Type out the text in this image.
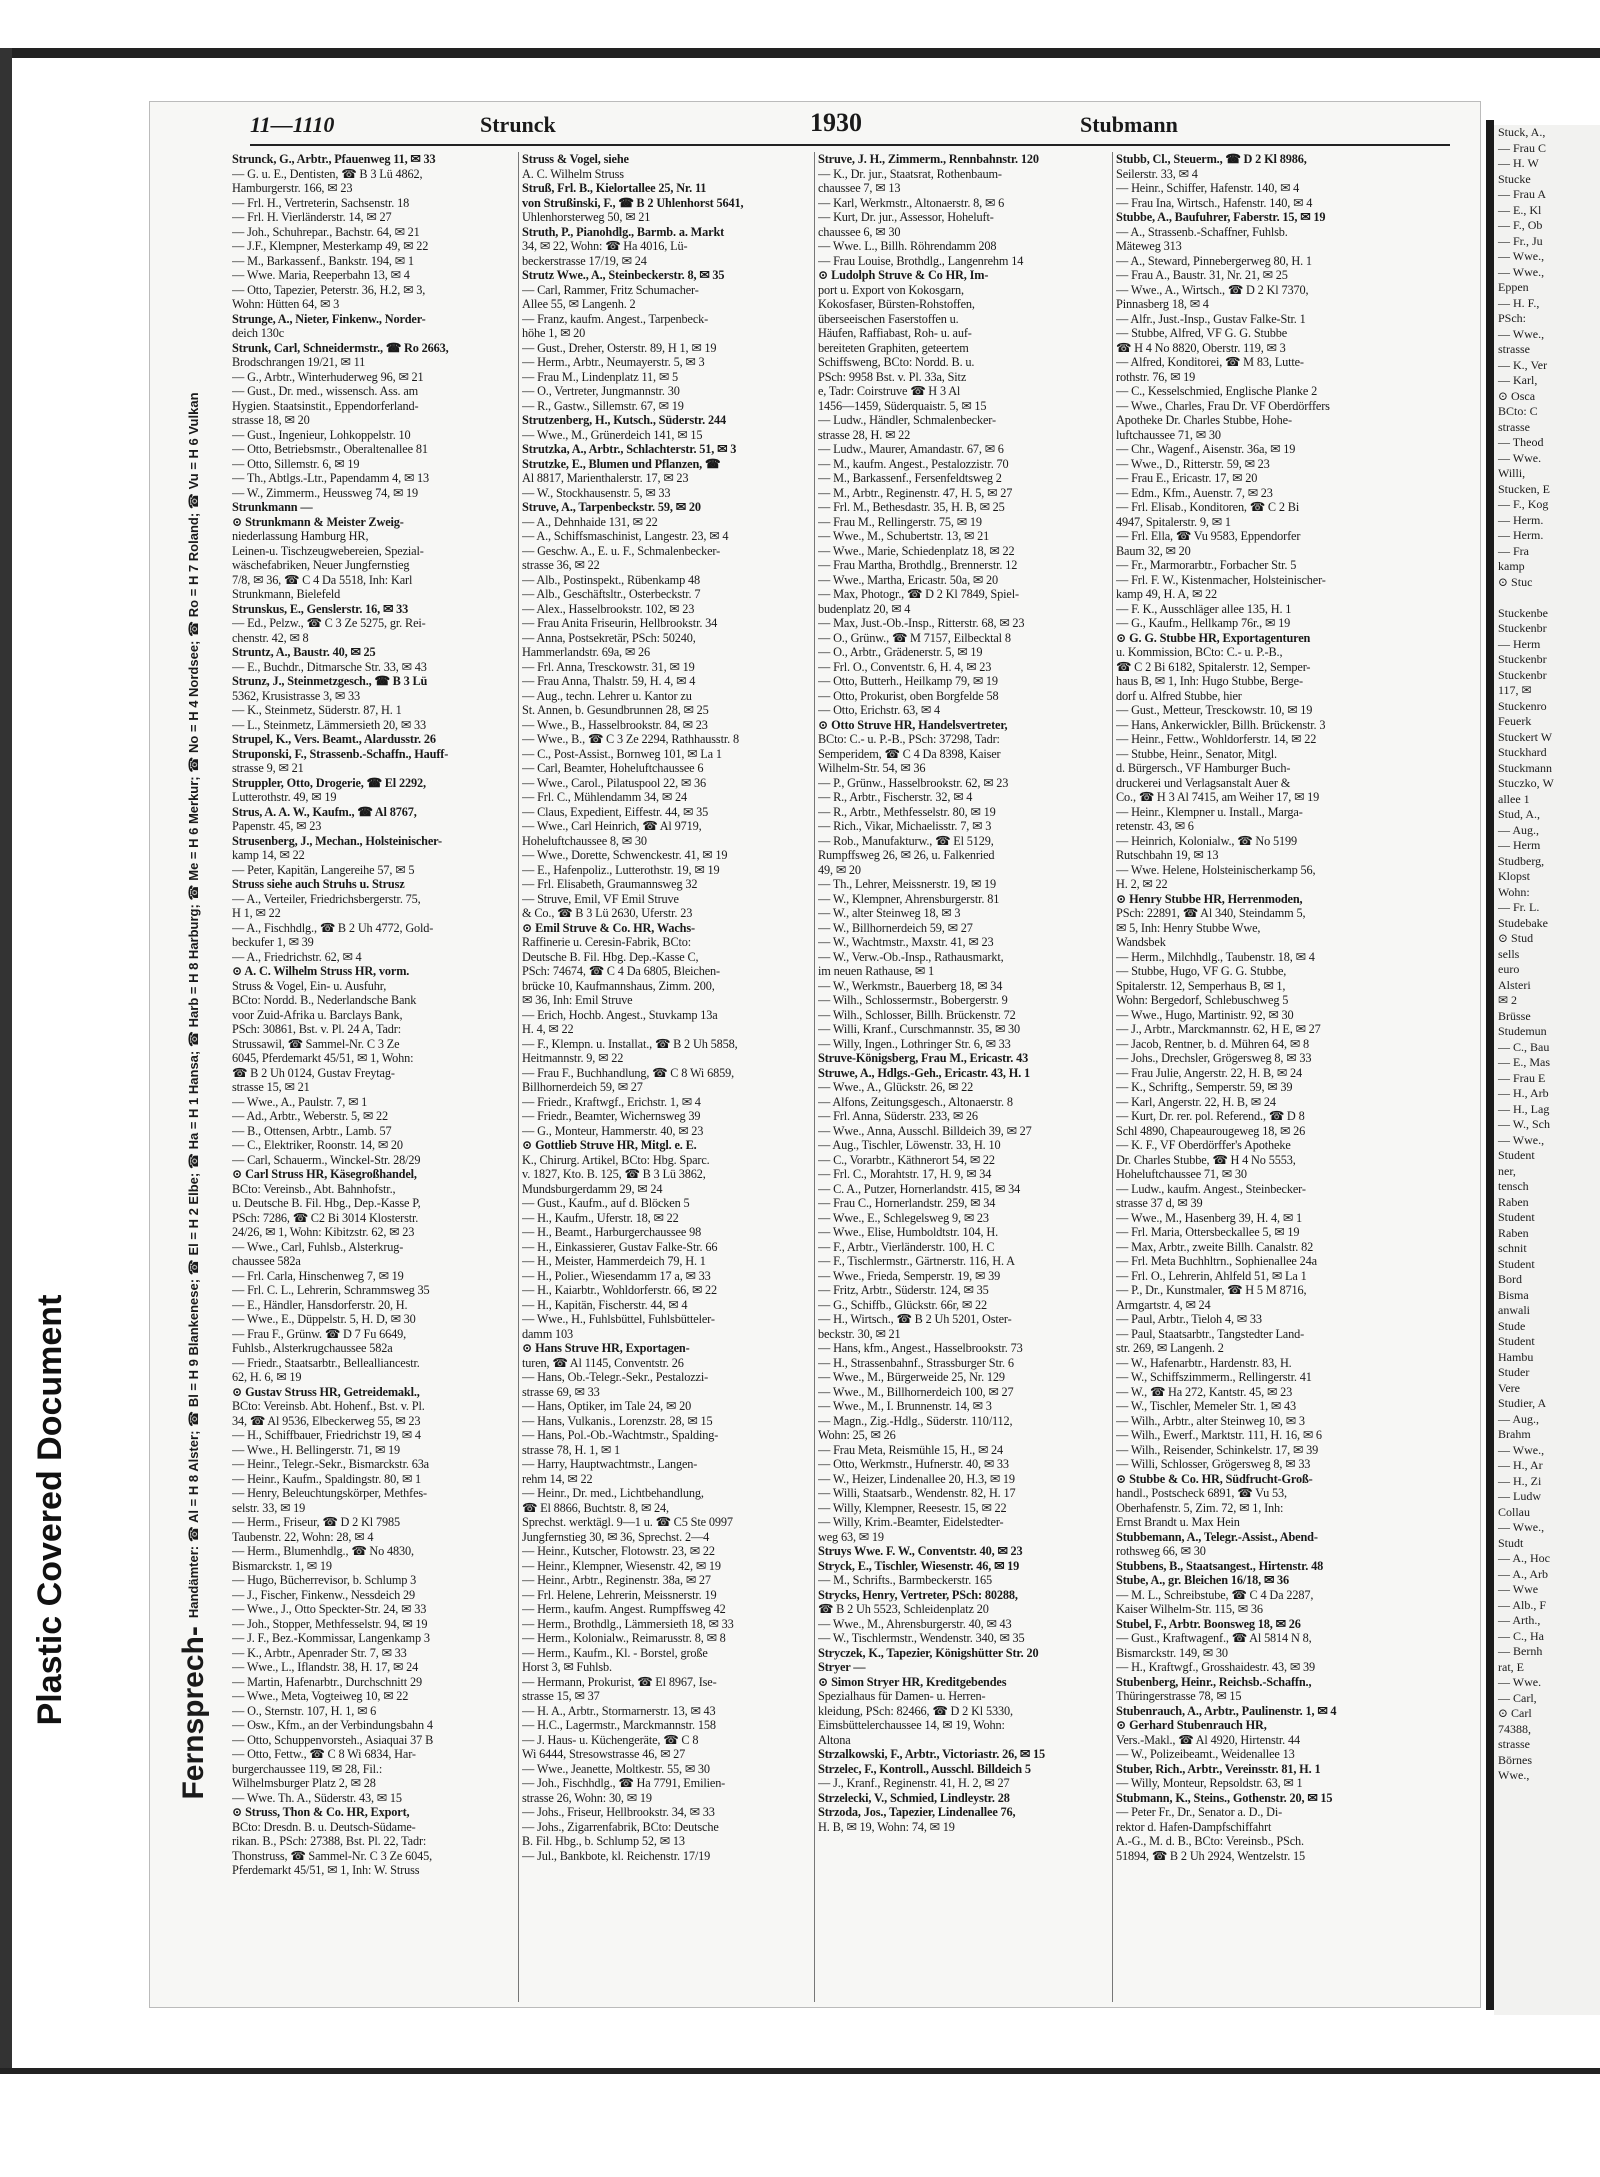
Plastic Covered Document
11—1110	Strunck	1930	Stubmann
Fernsprech-Handämter: ☎ Al = H 8 Alster; ☎ Bl = H 9 Blankenese; ☎ El = H 2 Elbe; ☎ Ha = H 1 Hansa; ☎ Harb = H 8 Harburg; ☎ Me = H 6 Merkur; ☎ No = H 4 Nordsee; ☎ Ro = H 7 Roland; ☎ Vu = H 6 Vulkan
Strunck, G., Arbtr., Pfauenweg 11, ✉ 33
— G. u. E., Dentisten, ☎ B 3 Lü 4862,
Hamburgerstr. 166, ✉ 23
— Frl. H., Vertreterin, Sachsenstr. 18
— Frl. H. Vierländerstr. 14, ✉ 27
— Joh., Schuhrepar., Bachstr. 64, ✉ 21
— J.F., Klempner, Mesterkamp 49, ✉ 22
— M., Barkassenf., Bankstr. 194, ✉ 1
— Wwe. Maria, Reeperbahn 13, ✉ 4
— Otto, Tapezier, Peterstr. 36, H.2, ✉ 3,
Wohn: Hütten 64, ✉ 3
Strunge, A., Nieter, Finkenw., Norder-
deich 130c
Strunk, Carl, Schneidermstr., ☎ Ro 2663,
Brodschrangen 19/21, ✉ 11
— G., Arbtr., Winterhuderweg 96, ✉ 21
— Gust., Dr. med., wissensch. Ass. am
Hygien. Staatsinstit., Eppendorferland-
strasse 18, ✉ 20
— Gust., Ingenieur, Lohkoppelstr. 10
— Otto, Betriebsmstr., Oberaltenallee 81
— Otto, Sillemstr. 6, ✉ 19
— Th., Abtlgs.-Ltr., Papendamm 4, ✉ 13
— W., Zimmerm., Heussweg 74, ✉ 19
Strunkmann —
⊙ Strunkmann & Meister Zweig-
niederlassung Hamburg HR,
Leinen-u. Tischzeugwebereien, Spezial-
wäschefabriken, Neuer Jungfernstieg
7/8, ✉ 36, ☎ C 4 Da 5518, Inh: Karl
Strunkmann, Bielefeld
Strunskus, E., Genslerstr. 16, ✉ 33
— Ed., Pelzw., ☎ C 3 Ze 5275, gr. Rei-
chenstr. 42, ✉ 8
Struntz, A., Baustr. 40, ✉ 25
— E., Buchdr., Ditmarsche Str. 33, ✉ 43
Strunz, J., Steinmetzgesch., ☎ B 3 Lü
5362, Krusistrasse 3, ✉ 33
— K., Steinmetz, Süderstr. 87, H. 1
— L., Steinmetz, Lämmersieth 20, ✉ 33
Strupel, K., Vers. Beamt., Alardusstr. 26
Struponski, F., Strassenb.-Schaffn., Hauff-
strasse 9, ✉ 21
Struppler, Otto, Drogerie, ☎ El 2292,
Lutterothstr. 49, ✉ 19
Strus, A. A. W., Kaufm., ☎ Al 8767,
Papenstr. 45, ✉ 23
Strusenberg, J., Mechan., Holsteinischer-
kamp 14, ✉ 22
— Peter, Kapitän, Langereihe 57, ✉ 5
Struss siehe auch Struhs u. Strusz
— A., Verteiler, Friedrichsbergerstr. 75,
H 1, ✉ 22
— A., Fischhdlg., ☎ B 2 Uh 4772, Gold-
beckufer 1, ✉ 39
— A., Friedrichstr. 62, ✉ 4
⊙ A. C. Wilhelm Struss HR, vorm.
Struss & Vogel, Ein- u. Ausfuhr,
BCto: Nordd. B., Nederlandsche Bank
voor Zuid-Afrika u. Barclays Bank,
PSch: 30861, Bst. v. Pl. 24 A, Tadr:
Strussawil, ☎ Sammel-Nr. C 3 Ze
6045, Pferdemarkt 45/51, ✉ 1, Wohn:
☎ B 2 Uh 0124, Gustav Freytag-
strasse 15, ✉ 21
— Wwe., A., Paulstr. 7, ✉ 1
— Ad., Arbtr., Weberstr. 5, ✉ 22
— B., Ottensen, Arbtr., Lamb. 57
— C., Elektriker, Roonstr. 14, ✉ 20
— Carl, Schauerm., Winckel-Str. 28/29
⊙ Carl Struss HR, Käsegroßhandel,
BCto: Vereinsb., Abt. Bahnhofstr.,
u. Deutsche B. Fil. Hbg., Dep.-Kasse P,
PSch: 7286, ☎ C2 Bi 3014 Klosterstr.
24/26, ✉ 1, Wohn: Kibitzstr. 62, ✉ 23
— Wwe., Carl, Fuhlsb., Alsterkrug-
chaussee 582a
— Frl. Carla, Hinschenweg 7, ✉ 19
— Frl. C. L., Lehrerin, Schrammsweg 35
— E., Händler, Hansdorferstr. 20, H.
— Wwe., E., Düppelstr. 5, H. D, ✉ 30
— Frau F., Grünw. ☎ D 7 Fu 6649,
Fuhlsb., Alsterkrugchaussee 582a
— Friedr., Staatsarbtr., Bellealliancestr.
62, H. 6, ✉ 19
⊙ Gustav Struss HR, Getreidemakl.,
BCto: Vereinsb. Abt. Hohenf., Bst. v. Pl.
34, ☎ Al 9536, Elbeckerweg 55, ✉ 23
— H., Schiffbauer, Friedrichstr 19, ✉ 4
— Wwe., H. Bellingerstr. 71, ✉ 19
— Heinr., Telegr.-Sekr., Bismarckstr. 63a
— Heinr., Kaufm., Spaldingstr. 80, ✉ 1
— Henry, Beleuchtungskörper, Methfes-
selstr. 33, ✉ 19
— Herm., Friseur, ☎ D 2 Kl 7985
Taubenstr. 22, Wohn: 28, ✉ 4
— Herm., Blumenhdlg., ☎ No 4830,
Bismarckstr. 1, ✉ 19
— Hugo, Bücherrevisor, b. Schlump 3
— J., Fischer, Finkenw., Nessdeich 29
— Wwe., J., Otto Speckter-Str. 24, ✉ 33
— Joh., Stopper, Methfesselstr. 94, ✉ 19
— J. F., Bez.-Kommissar, Langenkamp 3
— K., Arbtr., Apenrader Str. 7, ✉ 33
— Wwe., L., Iflandstr. 38, H. 17, ✉ 24
— Martin, Hafenarbtr., Durchschnitt 29
— Wwe., Meta, Vogteiweg 10, ✉ 22
— O., Sternstr. 107, H. 1, ✉ 6
— Osw., Kfm., an der Verbindungsbahn 4
— Otto, Schuppenvorsteh., Asiaquai 37 B
— Otto, Fettw., ☎ C 8 Wi 6834, Har-
burgerchaussee 119, ✉ 28, Fil.:
Wilhelmsburger Platz 2, ✉ 28
— Wwe. Th. A., Süderstr. 43, ✉ 15
⊙ Struss, Thon & Co. HR, Export,
BCto: Dresdn. B. u. Deutsch-Südame-
rikan. B., PSch: 27388, Bst. Pl. 22, Tadr:
Thonstruss, ☎ Sammel-Nr. C 3 Ze 6045,
Pferdemarkt 45/51, ✉ 1, Inh: W. Struss
Struss & Vogel, siehe
A. C. Wilhelm Struss
Struß, Frl. B., Kielortallee 25, Nr. 11
von Strußinski, F., ☎ B 2 Uhlenhorst 5641,
Uhlenhorsterweg 50, ✉ 21
Struth, P., Pianohdlg., Barmb. a. Markt
34, ✉ 22, Wohn: ☎ Ha 4016, Lü-
beckerstrasse 17/19, ✉ 24
Strutz Wwe., A., Steinbeckerstr. 8, ✉ 35
— Carl, Rammer, Fritz Schumacher-
Allee 55, ✉ Langenh. 2
— Franz, kaufm. Angest., Tarpenbeck-
höhe 1, ✉ 20
— Gust., Dreher, Osterstr. 89, H 1, ✉ 19
— Herm., Arbtr., Neumayerstr. 5, ✉ 3
— Frau M., Lindenplatz 11, ✉ 5
— O., Vertreter, Jungmannstr. 30
— R., Gastw., Sillemstr. 67, ✉ 19
Strutzenberg, H., Kutsch., Süderstr. 244
— Wwe., M., Grünerdeich 141, ✉ 15
Strutzka, A., Arbtr., Schlachterstr. 51, ✉ 3
Strutzke, E., Blumen und Pflanzen, ☎
Al 8817, Marienthalerstr. 17, ✉ 23
— W., Stockhausenstr. 5, ✉ 33
Struve, A., Tarpenbeckstr. 59, ✉ 20
— A., Dehnhaide 131, ✉ 22
— A., Schiffsmaschinist, Langestr. 23, ✉ 4
— Geschw. A., E. u. F., Schmalenbecker-
strasse 36, ✉ 22
— Alb., Postinspekt., Rübenkamp 48
— Alb., Geschäftsltr., Osterbeckstr. 7
— Alex., Hasselbrookstr. 102, ✉ 23
— Frau Anita Friseurin, Hellbrookstr. 34
— Anna, Postsekretär, PSch: 50240,
Hammerlandstr. 69a, ✉ 26
— Frl. Anna, Tresckowstr. 31, ✉ 19
— Frau Anna, Thalstr. 59, H. 4, ✉ 4
— Aug., techn. Lehrer u. Kantor zu
St. Annen, b. Gesundbrunnen 28, ✉ 25
— Wwe., B., Hasselbrookstr. 84, ✉ 23
— Wwe., B., ☎ C 3 Ze 2294, Rathhausstr. 8
— C., Post-Assist., Bornweg 101, ✉ La 1
— Carl, Beamter, Hoheluftchaussee 6
— Wwe., Carol., Pilatuspool 22, ✉ 36
— Frl. C., Mühlendamm 34, ✉ 24
— Claus, Expedient, Eiffestr. 44, ✉ 35
— Wwe., Carl Heinrich, ☎ Al 9719,
Hoheluftchaussee 8, ✉ 30
— Wwe., Dorette, Schwenckestr. 41, ✉ 19
— E., Hafenpoliz., Lutterothstr. 19, ✉ 19
— Frl. Elisabeth, Graumannsweg 32
— Struve, Emil, VF Emil Struve
& Co., ☎ B 3 Lü 2630, Uferstr. 23
⊙ Emil Struve & Co. HR, Wachs-
Raffinerie u. Ceresin-Fabrik, BCto:
Deutsche B. Fil. Hbg. Dep.-Kasse C,
PSch: 74674, ☎ C 4 Da 6805, Bleichen-
brücke 10, Kaufmannshaus, Zimm. 200,
✉ 36, Inh: Emil Struve
— Erich, Hochb. Angest., Stuvkamp 13a
H. 4, ✉ 22
— F., Klempn. u. Installat., ☎ B 2 Uh 5858,
Heitmannstr. 9, ✉ 22
— Frau F., Buchhandlung, ☎ C 8 Wi 6859,
Billhornerdeich 59, ✉ 27
— Friedr., Kraftwgf., Erichstr. 1, ✉ 4
— Friedr., Beamter, Wichernsweg 39
— G., Monteur, Hammerstr. 40, ✉ 23
⊙ Gottlieb Struve HR, Mitgl. e. E.
K., Chirurg. Artikel, BCto: Hbg. Sparc.
v. 1827, Kto. B. 125, ☎ B 3 Lü 3862,
Mundsburgerdamm 29, ✉ 24
— Gust., Kaufm., auf d. Blöcken 5
— H., Kaufm., Uferstr. 18, ✉ 22
— H., Beamt., Harburgerchaussee 98
— H., Einkassierer, Gustav Falke-Str. 66
— H., Meister, Hammerdeich 79, H. 1
— H., Polier., Wiesendamm 17 a, ✉ 33
— H., Kaiarbtr., Wohldorferstr. 66, ✉ 22
— H., Kapitän, Fischerstr. 44, ✉ 4
— Wwe., H., Fuhlsbüttel, Fuhlsbütteler-
damm 103
⊙ Hans Struve HR, Exportagen-
turen, ☎ Al 1145, Conventstr. 26
— Hans, Ob.-Telegr.-Sekr., Pestalozzi-
strasse 69, ✉ 33
— Hans, Optiker, im Tale 24, ✉ 20
— Hans, Vulkanis., Lorenzstr. 28, ✉ 15
— Hans, Pol.-Ob.-Wachtmstr., Spalding-
strasse 78, H. 1, ✉ 1
— Harry, Hauptwachtmstr., Langen-
rehm 14, ✉ 22
— Heinr., Dr. med., Lichtbehandlung,
☎ El 8866, Buchtstr. 8, ✉ 24,
Sprechst. werktägl. 9—1 u. ☎ C5 Ste 0997
Jungfernstieg 30, ✉ 36, Sprechst. 2—4
— Heinr., Kutscher, Flotowstr. 23, ✉ 22
— Heinr., Klempner, Wiesenstr. 42, ✉ 19
— Heinr., Arbtr., Reginenstr. 38a, ✉ 27
— Frl. Helene, Lehrerin, Meissnerstr. 19
— Herm., kaufm. Angest. Rumpffsweg 42
— Herm., Brothdlg., Lämmersieth 18, ✉ 33
— Herm., Kolonialw., Reimarusstr. 8, ✉ 8
— Herm., Kaufm., Kl. - Borstel, große
Horst 3, ✉ Fuhlsb.
— Hermann, Prokurist, ☎ El 8967, Ise-
strasse 15, ✉ 37
— H. A., Arbtr., Stormarnerstr. 13, ✉ 43
— H.C., Lagermstr., Marckmannstr. 158
— J. Haus- u. Küchengeräte, ☎ C 8
Wi 6444, Stresowstrasse 46, ✉ 27
— Wwe., Jeanette, Moltkestr. 55, ✉ 30
— Joh., Fischhdlg., ☎ Ha 7791, Emilien-
strasse 26, Wohn: 30, ✉ 19
— Johs., Friseur, Hellbrookstr. 34, ✉ 33
— Johs., Zigarrenfabrik, BCto: Deutsche
B. Fil. Hbg., b. Schlump 52, ✉ 13
— Jul., Bankbote, kl. Reichenstr. 17/19
Struve, J. H., Zimmerm., Rennbahnstr. 120
— K., Dr. jur., Staatsrat, Rothenbaum-
chaussee 7, ✉ 13
— Karl, Werkmstr., Altonaerstr. 8, ✉ 6
— Kurt, Dr. jur., Assessor, Hoheluft-
chaussee 6, ✉ 30
— Wwe. L., Billh. Röhrendamm 208
— Frau Louise, Brothdlg., Langenrehm 14
⊙ Ludolph Struve & Co HR, Im-
port u. Export von Kokosgarn,
Kokosfaser, Bürsten-Rohstoffen,
überseeischen Faserstoffen u.
Häufen, Raffiabast, Roh- u. auf-
bereiteten Graphiten, geteertem
Schiffsweng, BCto: Nordd. B. u.
PSch: 9958 Bst. v. Pl. 33a, Sitz
e, Tadr: Coirstruve ☎ H 3 Al
1456—1459, Süderquaistr. 5, ✉ 15
— Ludw., Händler, Schmalenbecker-
strasse 28, H. ✉ 22
— Ludw., Maurer, Amandastr. 67, ✉ 6
— M., kaufm. Angest., Pestalozzistr. 70
— M., Barkassenf., Fersenfeldtsweg 2
— M., Arbtr., Reginenstr. 47, H. 5, ✉ 27
— Frl. M., Bethesdastr. 35, H. B, ✉ 25
— Frau M., Rellingerstr. 75, ✉ 19
— Wwe., M., Schubertstr. 13, ✉ 21
— Wwe., Marie, Schiedenplatz 18, ✉ 22
— Frau Martha, Brothdlg., Brennerstr. 12
— Wwe., Martha, Ericastr. 50a, ✉ 20
— Max, Photogr., ☎ D 2 Kl 7849, Spiel-
budenplatz 20, ✉ 4
— Max, Just.-Ob.-Insp., Ritterstr. 68, ✉ 23
— O., Grünw., ☎ M 7157, Eilbecktal 8
— O., Arbtr., Grädenerstr. 5, ✉ 19
— Frl. O., Conventstr. 6, H. 4, ✉ 23
— Otto, Butterh., Heilkamp 79, ✉ 19
— Otto, Prokurist, oben Borgfelde 58
— Otto, Erichstr. 63, ✉ 4
⊙ Otto Struve HR, Handelsvertreter,
BCto: C.- u. P.-B., PSch: 37298, Tadr:
Semperidem, ☎ C 4 Da 8398, Kaiser
Wilhelm-Str. 54, ✉ 36
— P., Grünw., Hasselbrookstr. 62, ✉ 23
— R., Arbtr., Fischerstr. 32, ✉ 4
— R., Arbtr., Methfesselstr. 80, ✉ 19
— Rich., Vikar, Michaelisstr. 7, ✉ 3
— Rob., Manufakturw., ☎ El 5129,
Rumpffsweg 26, ✉ 26, u. Falkenried
49, ✉ 20
— Th., Lehrer, Meissnerstr. 19, ✉ 19
— W., Klempner, Ahrensburgerstr. 81
— W., alter Steinweg 18, ✉ 3
— W., Billhornerdeich 59, ✉ 27
— W., Wachtmstr., Maxstr. 41, ✉ 23
— W., Verw.-Ob.-Insp., Rathausmarkt,
im neuen Rathause, ✉ 1
— W., Werkmstr., Bauerberg 18, ✉ 34
— Wilh., Schlossermstr., Bobergerstr. 9
— Wilh., Schlosser, Billh. Brückenstr. 72
— Willi, Kranf., Curschmannstr. 35, ✉ 30
— Willy, Ingen., Lothringer Str. 6, ✉ 33
Struve-Königsberg, Frau M., Ericastr. 43
Struwe, A., Hdlgs.-Geh., Ericastr. 43, H. 1
— Wwe., A., Glückstr. 26, ✉ 22
— Alfons, Zeitungsgesch., Altonaerstr. 8
— Frl. Anna, Süderstr. 233, ✉ 26
— Wwe., Anna, Ausschl. Billdeich 39, ✉ 27
— Aug., Tischler, Löwenstr. 33, H. 10
— C., Vorarbtr., Käthnerort 54, ✉ 22
— Frl. C., Morahtstr. 17, H. 9, ✉ 34
— C. A., Putzer, Hornerlandstr. 415, ✉ 34
— Frau C., Hornerlandstr. 259, ✉ 34
— Wwe., E., Schlegelsweg 9, ✉ 23
— Wwe., Elise, Humboldtstr. 104, H.
— F., Arbtr., Vierländerstr. 100, H. C
— F., Tischlermstr., Gärtnerstr. 116, H. A
— Wwe., Frieda, Semperstr. 19, ✉ 39
— Fritz, Arbtr., Süderstr. 124, ✉ 35
— G., Schiffb., Glückstr. 66r, ✉ 22
— H., Wirtsch., ☎ B 2 Uh 5201, Oster-
beckstr. 30, ✉ 21
— Hans, kfm., Angest., Hasselbrookstr. 73
— H., Strassenbahnf., Strassburger Str. 6
— Wwe., M., Bürgerweide 25, Nr. 129
— Wwe., M., Billhornerdeich 100, ✉ 27
— Wwe., M., I. Brunnenstr. 14, ✉ 3
— Magn., Zig.-Hdlg., Süderstr. 110/112,
Wohn: 25, ✉ 26
— Frau Meta, Reismühle 15, H., ✉ 24
— Otto, Werkmstr., Hufnerstr. 40, ✉ 33
— W., Heizer, Lindenallee 20, H.3, ✉ 19
— Willi, Staatsarb., Wendenstr. 82, H. 17
— Willy, Klempner, Reesestr. 15, ✉ 22
— Willy, Krim.-Beamter, Eidelstedter-
weg 63, ✉ 19
Struys Wwe. F. W., Conventstr. 40, ✉ 23
Stryck, E., Tischler, Wiesenstr. 46, ✉ 19
— M., Schrifts., Barmbeckerstr. 165
Strycks, Henry, Vertreter, PSch: 80288,
☎ B 2 Uh 5523, Schleidenplatz 20
— Wwe., M., Ahrensburgerstr. 40, ✉ 43
— W., Tischlermstr., Wendenstr. 340, ✉ 35
Stryczek, K., Tapezier, Königshütter Str. 20
Stryer —
⊙ Simon Stryer HR, Kreditgebendes
Spezialhaus für Damen- u. Herren-
kleidung, PSch: 82466, ☎ D 2 Kl 5330,
Eimsbüttelerchaussee 14, ✉ 19, Wohn:
Altona
Strzalkowski, F., Arbtr., Victoriastr. 26, ✉ 15
Strzelec, F., Kontroll., Ausschl. Billdeich 5
— J., Kranf., Reginenstr. 41, H. 2, ✉ 27
Strzelecki, V., Schmied, Lindleystr. 28
Strzoda, Jos., Tapezier, Lindenallee 76,
H. B, ✉ 19, Wohn: 74, ✉ 19
Stubb, Cl., Steuerm., ☎ D 2 Kl 8986,
Seilerstr. 33, ✉ 4
— Heinr., Schiffer, Hafenstr. 140, ✉ 4
— Frau Ina, Wirtsch., Hafenstr. 140, ✉ 4
Stubbe, A., Baufuhrer, Faberstr. 15, ✉ 19
— A., Strassenb.-Schaffner, Fuhlsb.
Mäteweg 313
— A., Steward, Pinnebergerweg 80, H. 1
— Frau A., Baustr. 31, Nr. 21, ✉ 25
— Wwe., A., Wirtsch., ☎ D 2 Kl 7370,
Pinnasberg 18, ✉ 4
— Alfr., Just.-Insp., Gustav Falke-Str. 1
— Stubbe, Alfred, VF G. G. Stubbe
☎ H 4 No 8820, Oberstr. 119, ✉ 3
— Alfred, Konditorei, ☎ M 83, Lutte-
rothstr. 76, ✉ 19
— C., Kesselschmied, Englische Planke 2
— Wwe., Charles, Frau Dr. VF Oberdörffers
Apotheke Dr. Charles Stubbe, Hohe-
luftchaussee 71, ✉ 30
— Chr., Wagenf., Aisenstr. 36a, ✉ 19
— Wwe., D., Ritterstr. 59, ✉ 23
— Frau E., Ericastr. 17, ✉ 20
— Edm., Kfm., Auenstr. 7, ✉ 23
— Frl. Elisab., Konditoren, ☎ C 2 Bi
4947, Spitalerstr. 9, ✉ 1
— Frl. Ella, ☎ Vu 9583, Eppendorfer
Baum 32, ✉ 20
— Fr., Marmorarbtr., Forbacher Str. 5
— Frl. F. W., Kistenmacher, Holsteinischer-
kamp 49, H. A, ✉ 22
— F. K., Ausschläger allee 135, H. 1
— G., Kaufm., Hellkamp 76r., ✉ 19
⊙ G. G. Stubbe HR, Exportagenturen
u. Kommission, BCto: C.- u. P.-B.,
☎ C 2 Bi 6182, Spitalerstr. 12, Semper-
haus B, ✉ 1, Inh: Hugo Stubbe, Berge-
dorf u. Alfred Stubbe, hier
— Gust., Metteur, Tresckowstr. 10, ✉ 19
— Hans, Ankerwickler, Billh. Brückenstr. 3
— Heinr., Fettw., Wohldorferstr. 14, ✉ 22
— Stubbe, Heinr., Senator, Mitgl.
d. Bürgersch., VF Hamburger Buch-
druckerei und Verlagsanstalt Auer &
Co., ☎ H 3 Al 7415, am Weiher 17, ✉ 19
— Heinr., Klempner u. Install., Marga-
retenstr. 43, ✉ 6
— Heinrich, Kolonialw., ☎ No 5199
Rutschbahn 19, ✉ 13
— Wwe. Helene, Holsteinischerkamp 56,
H. 2, ✉ 22
⊙ Henry Stubbe HR, Herrenmoden,
PSch: 22891, ☎ Al 340, Steindamm 5,
✉ 5, Inh: Henry Stubbe Wwe,
Wandsbek
— Herm., Milchhdlg., Taubenstr. 18, ✉ 4
— Stubbe, Hugo, VF G. G. Stubbe,
Spitalerstr. 12, Semperhaus B, ✉ 1,
Wohn: Bergedorf, Schlebuschweg 5
— Wwe., Hugo, Martinistr. 92, ✉ 30
— J., Arbtr., Marckmannstr. 62, H E, ✉ 27
— Jacob, Rentner, b. d. Mühren 64, ✉ 8
— Johs., Drechsler, Grögersweg 8, ✉ 33
— Frau Julie, Angerstr. 22, H. B, ✉ 24
— K., Schriftg., Semperstr. 59, ✉ 39
— Karl, Angerstr. 22, H. B, ✉ 24
— Kurt, Dr. rer. pol. Referend., ☎ D 8
Schl 4890, Chapeaurougeweg 18, ✉ 26
— K. F., VF Oberdörffer's Apotheke
Dr. Charles Stubbe, ☎ H 4 No 5553,
Hoheluftchaussee 71, ✉ 30
— Ludw., kaufm. Angest., Steinbecker-
strasse 37 d, ✉ 39
— Wwe., M., Hasenberg 39, H. 4, ✉ 1
— Frl. Maria, Ottersbeckallee 5, ✉ 19
— Max, Arbtr., zweite Billh. Canalstr. 82
— Frl. Meta Buchhltrn., Sophienallee 24a
— Frl. O., Lehrerin, Ahlfeld 51, ✉ La 1
— P., Dr., Kunstmaler, ☎ H 5 M 8716,
Armgartstr. 4, ✉ 24
— Paul, Arbtr., Tieloh 4, ✉ 33
— Paul, Staatsarbtr., Tangstedter Land-
str. 269, ✉ Langenh. 2
— W., Hafenarbtr., Hardenstr. 83, H.
— W., Schiffszimmerm., Rellingerstr. 41
— W., ☎ Ha 272, Kantstr. 45, ✉ 23
— W., Tischler, Memeler Str. 1, ✉ 43
— Wilh., Arbtr., alter Steinweg 10, ✉ 3
— Wilh., Ewerf., Marktstr. 111, H. 16, ✉ 6
— Wilh., Reisender, Schinkelstr. 17, ✉ 39
— Willi, Schlosser, Grögersweg 8, ✉ 33
⊙ Stubbe & Co. HR, Südfrucht-Groß-
handl., Postscheck 6891, ☎ Vu 53,
Oberhafenstr. 5, Zim. 72, ✉ 1, Inh:
Ernst Brandt u. Max Hein
Stubbemann, A., Telegr.-Assist., Abend-
rothsweg 66, ✉ 30
Stubbens, B., Staatsangest., Hirtenstr. 48
Stube, A., gr. Bleichen 16/18, ✉ 36
— M. L., Schreibstube, ☎ C 4 Da 2287,
Kaiser Wilhelm-Str. 115, ✉ 36
Stubel, F., Arbtr. Boonsweg 18, ✉ 26
— Gust., Kraftwagenf., ☎ Al 5814 N 8,
Bismarckstr. 149, ✉ 30
— H., Kraftwgf., Grosshaidestr. 43, ✉ 39
Stubenberg, Heinr., Reichsb.-Schaffn.,
Thüringerstrasse 78, ✉ 15
Stubenrauch, A., Arbtr., Paulinenstr. 1, ✉ 4
⊙ Gerhard Stubenrauch HR,
Vers.-Makl., ☎ Al 4920, Hirtenstr. 44
— W., Polizeibeamt., Weidenallee 13
Stuber, Rich., Arbtr., Vereinsstr. 81, H. 1
— Willy, Monteur, Repsoldstr. 63, ✉ 1
Stubmann, K., Steins., Gothenstr. 20, ✉ 15
— Peter Fr., Dr., Senator a. D., Di-
rektor d. Hafen-Dampfschiffahrt
A.-G., M. d. B., BCto: Vereinsb., PSch.
51894, ☎ B 2 Uh 2924, Wentzelstr. 15
Stuck, A.,
— Frau C
— H. W
Stucke
— Frau A
— E., Kl
— F., Ob
— Fr., Ju
— Wwe.,
— Wwe.,
Eppen
— H. F.,
PSch:
— Wwe.,
strasse
— K., Ver
— Karl,
⊙ Osca
BCto: C
strasse
— Theod
— Wwe.
Willi,
Stucken, E
— F., Kog
— Herm.
— Herm.
— Fra
kamp
⊙ Stuc

Stuckenbe
Stuckenbr
— Herm
Stuckenbr
Stuckenbr
117, ✉
Stuckenro
Feuerk
Stuckert W
Stuckhard
Stuckmann
Stuczko, W
allee 1
Stud, A.,
— Aug.,
— Herm
Studberg,
Klopst
Wohn:
— Fr. L.
Studebake
⊙ Stud
sells
euro
Alsteri
✉ 2
Brüsse
Studemun
— C., Bau
— E., Mas
— Frau E
— H., Arb
— H., Lag
— W., Sch
— Wwe.,
Student
ner,
tensch
Raben
Student
Raben
schnit
Student
Bord
Bisma
anwali
Stude
Student
Hambu
Studer
Vere
Studier, A
— Aug.,
Brahm
— Wwe.,
— H., Ar
— H., Zi
— Ludw
Collau
— Wwe.,
Studt
— A., Hoc
— A., Arb
— Wwe
— Alb., F
— Arth.,
— C., Ha
— Bernh
rat, E
— Wwe.
— Carl,
⊙ Carl
74388,
strasse
Börnes
Wwe.,
